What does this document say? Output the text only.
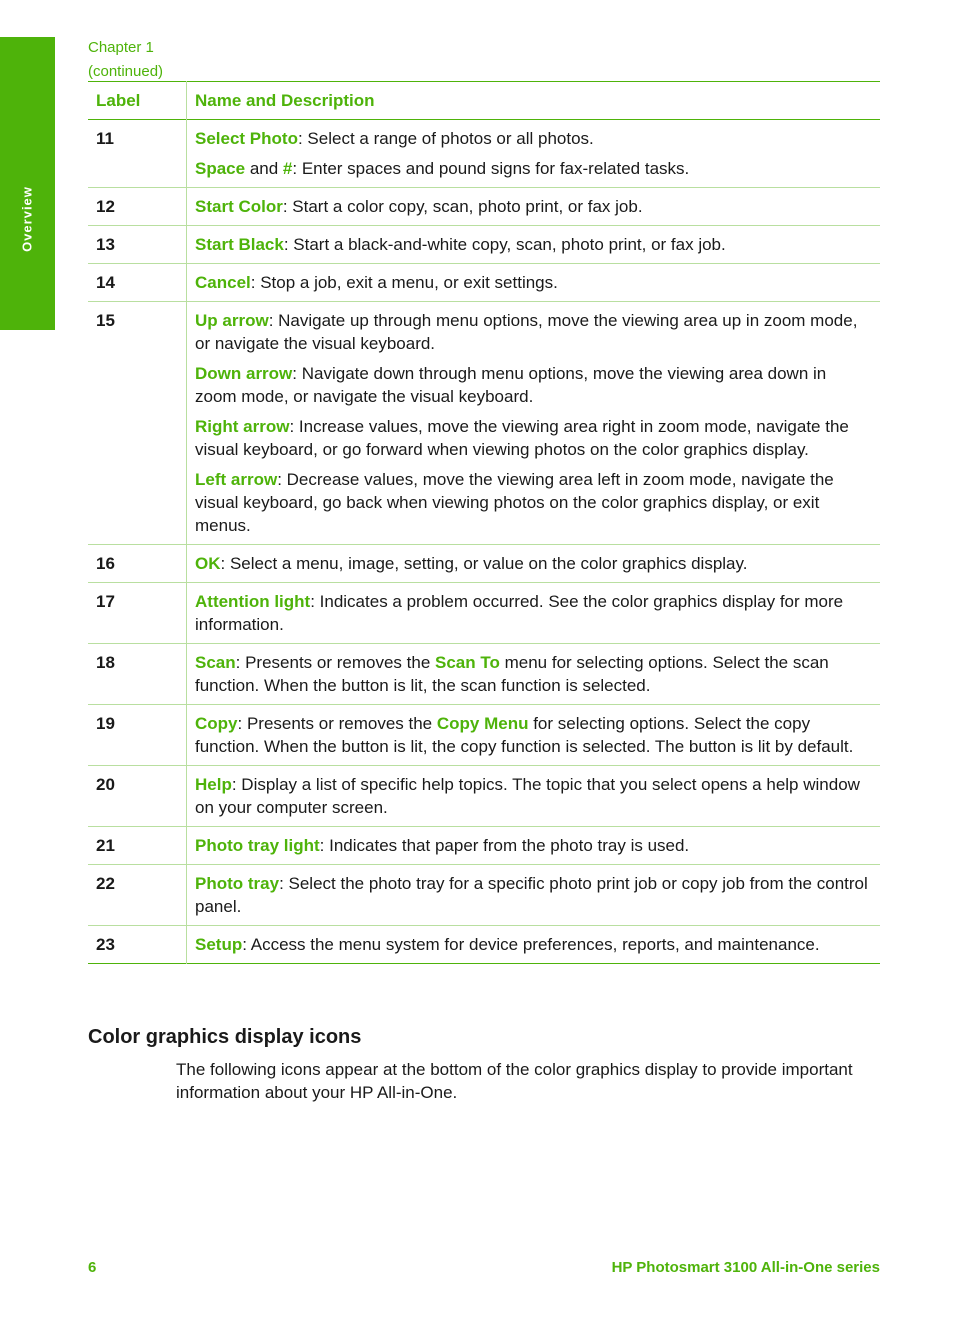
Overview
Chapter 1
(continued)
Label	Name and Description
11	Select Photo: Select a range of photos or all photos.

Space and #: Enter spaces and pound signs for fax-related tasks.

12	Start Color: Start a color copy, scan, photo print, or fax job.

13	Start Black: Start a black-and-white copy, scan, photo print, or fax job.

14	Cancel: Stop a job, exit a menu, or exit settings.

15	Up arrow: Navigate up through menu options, move the viewing area up in zoom mode, or navigate the visual keyboard.

Down arrow: Navigate down through menu options, move the viewing area down in zoom mode, or navigate the visual keyboard.

Right arrow: Increase values, move the viewing area right in zoom mode, navigate the visual keyboard, or go forward when viewing photos on the color graphics display.

Left arrow: Decrease values, move the viewing area left in zoom mode, navigate the visual keyboard, go back when viewing photos on the color graphics display, or exit menus.

16	OK: Select a menu, image, setting, or value on the color graphics display.

17	Attention light: Indicates a problem occurred. See the color graphics display for more information.

18	Scan: Presents or removes the Scan To menu for selecting options. Select the scan function. When the button is lit, the scan function is selected.

19	Copy: Presents or removes the Copy Menu for selecting options. Select the copy function. When the button is lit, the copy function is selected. The button is lit by default.

20	Help: Display a list of specific help topics. The topic that you select opens a help window on your computer screen.

21	Photo tray light: Indicates that paper from the photo tray is used.

22	Photo tray: Select the photo tray for a specific photo print job or copy job from the control panel.

23	Setup: Access the menu system for device preferences, reports, and maintenance.

Color graphics display icons
The following icons appear at the bottom of the color graphics display to provide important information about your HP All-in-One.
6	HP Photosmart 3100 All-in-One series
